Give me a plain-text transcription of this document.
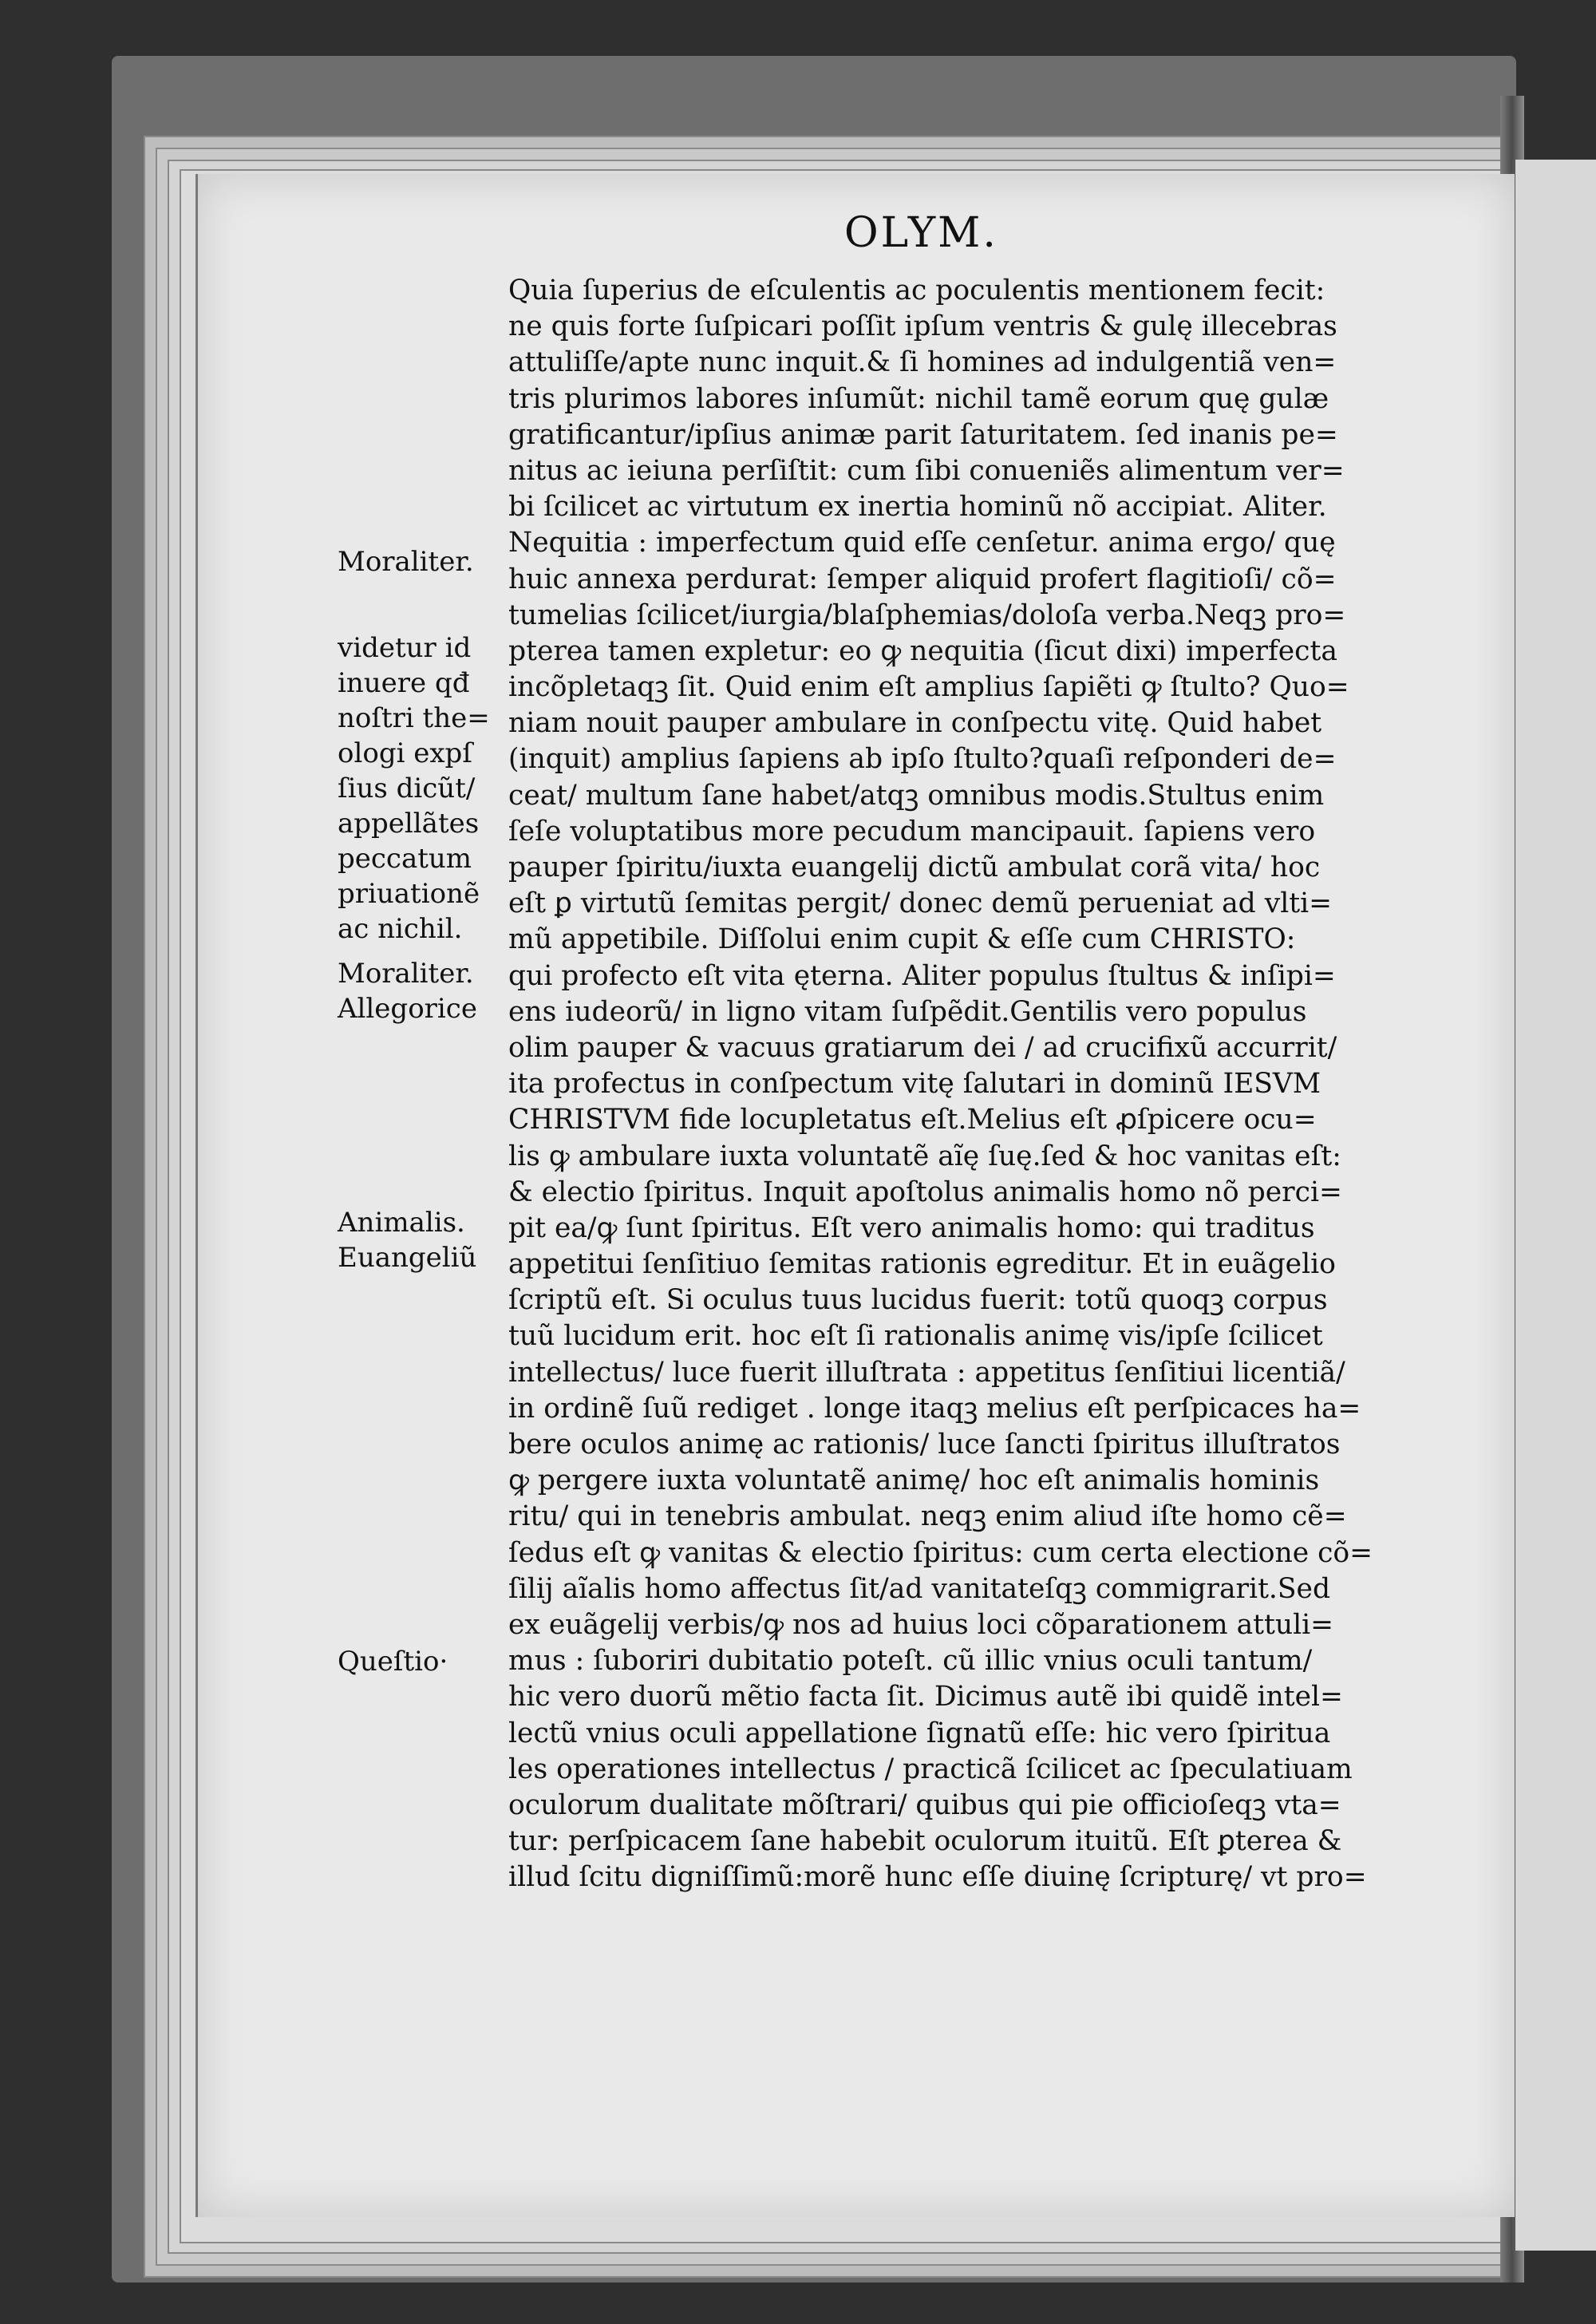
OLYM.
Moraliter.
videtur id
inuere qđ
noſtri the=
ologi expſ
ſius dicũt/
appellãtes
peccatum
priuationẽ
ac nichil.
Moraliter.
Allegorice
Animalis.
Euangeliũ
Queſtio·
Quia ſuperius de eſculentis ac poculentis mentionem fecit:
ne quis forte ſuſpicari poſſit ipſum ventris & gulę illecebras
attuliſſe/apte nunc inquit.& ſi homines ad indulgentiã ven=
tris plurimos labores inſumũt: nichil tamẽ eorum quę gulæ
gratificantur/ipſius animæ parit ſaturitatem. ſed inanis pe=
nitus ac ieiuna perſiſtit: cum ſibi conueniẽs alimentum ver=
bi ſcilicet ac virtutum ex inertia hominũ nõ accipiat. Aliter.
Nequitia : imperfectum quid eſſe cenſetur. anima ergo/ quę
huic annexa perdurat: ſemper aliquid profert flagitioſi/ cõ=
tumelias ſcilicet/iurgia/blaſphemias/doloſa verba.Neqꝫ pro=
pterea tamen expletur: eo ꝙ nequitia (ſicut dixi) imperfecta
incõpletaqꝫ ſit. Quid enim eſt amplius ſapiẽti ꝙ ſtulto? Quo=
niam nouit pauper ambulare in conſpectu vitę. Quid habet
(inquit) amplius ſapiens ab ipſo ſtulto?quaſi reſponderi de=
ceat/ multum ſane habet/atqꝫ omnibus modis.Stultus enim
ſeſe voluptatibus more pecudum mancipauit. ſapiens vero
pauper ſpiritu/iuxta euangelij dictũ ambulat corã vita/ hoc
eſt ꝑ virtutũ ſemitas pergit/ donec demũ perueniat ad vlti=
mũ appetibile. Diſſolui enim cupit & eſſe cum CHRISTO:
qui profecto eſt vita ęterna. Aliter populus ſtultus & inſipi=
ens iudeorũ/ in ligno vitam ſuſpẽdit.Gentilis vero populus
olim pauper & vacuus gratiarum dei / ad crucifixũ accurrit/
ita profectus in conſpectum vitę ſalutari in dominũ IESVM
CHRISTVM fide locupletatus eſt.Melius eſt ꝓſpicere ocu=
lis ꝙ ambulare iuxta voluntatẽ aĩę ſuę.ſed & hoc vanitas eſt:
& electio ſpiritus. Inquit apoſtolus animalis homo nõ perci=
pit ea/ꝙ ſunt ſpiritus. Eſt vero animalis homo: qui traditus
appetitui ſenſitiuo ſemitas rationis egreditur. Et in euãgelio
ſcriptũ eſt. Si oculus tuus lucidus fuerit: totũ quoqꝫ corpus
tuũ lucidum erit. hoc eſt ſi rationalis animę vis/ipſe ſcilicet
intellectus/ luce fuerit illuſtrata : appetitus ſenſitiui licentiã/
in ordinẽ ſuũ rediget . longe itaqꝫ melius eſt perſpicaces ha=
bere oculos animę ac rationis/ luce ſancti ſpiritus illuſtratos
ꝙ pergere iuxta voluntatẽ animę/ hoc eſt animalis hominis
ritu/ qui in tenebris ambulat. neqꝫ enim aliud iſte homo cẽ=
ſedus eſt ꝙ vanitas & electio ſpiritus: cum certa electione cõ=
ſilij aĩalis homo affectus ſit/ad vanitateſqꝫ commigrarit.Sed
ex euãgelij verbis/ꝙ nos ad huius loci cõparationem attuli=
mus : ſuboriri dubitatio poteſt. cũ illic vnius oculi tantum/
hic vero duorũ mẽtio facta ſit. Dicimus autẽ ibi quidẽ intel=
lectũ vnius oculi appellatione ſignatũ eſſe: hic vero ſpiritua
les operationes intellectus / practicã ſcilicet ac ſpeculatiuam
oculorum dualitate mõſtrari/ quibus qui pie officioſeqꝫ vta=
tur: perſpicacem ſane habebit oculorum ituitũ. Eſt ꝑterea &
illud ſcitu digniſſimũ:morẽ hunc eſſe diuinę ſcripturę/ vt pro=
